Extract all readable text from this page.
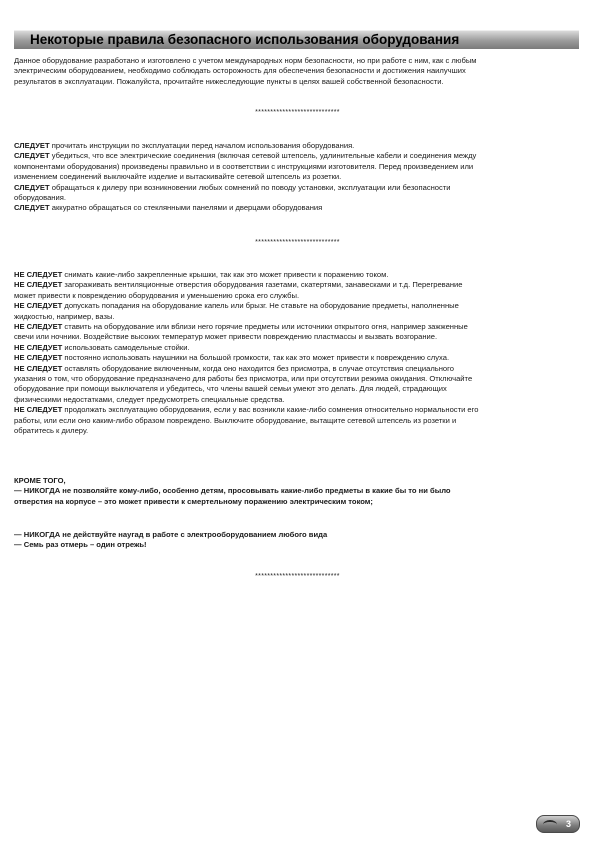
Некоторые правила безопасного использования оборудования

Данное оборудование разработано и изготовлено с учетом международных норм безопасности, но при работе с ним, как с любым

электрическим оборудованием, необходимо соблюдать осторожность для обеспечения безопасности и достижения наилучших

результатов в эксплуатации. Пожалуйста, прочитайте нижеследующие пункты в целях вашей собственной безопасности.

****************************

СЛЕДУЕТ прочитать инструкции по эксплуатации перед началом использования оборудования.

СЛЕДУЕТ убедиться, что все электрические соединения (включая сетевой штепсель, удлинительные кабели и соединения между

компонентами оборудования) произведены правильно и в соответствии с инструкциями изготовителя. Перед произведением или

изменением соединений выключайте изделие и вытаскивайте сетевой штепсель из розетки.

СЛЕДУЕТ обращаться к дилеру при возникновении любых сомнений по поводу установки, эксплуатации или безопасности

оборудования.

СЛЕДУЕТ аккуратно обращаться со стеклянными панелями и дверцами оборудования

****************************

НЕ СЛЕДУЕТ снимать какие-либо закрепленные крышки, так как это может привести к поражению током.

НЕ СЛЕДУЕТ загораживать вентиляционные отверстия оборудования газетами, скатертями, занавесками и т.д. Перегревание

может привести к повреждению оборудования и уменьшению срока его службы.

НЕ СЛЕДУЕТ допускать попадания на оборудование капель или брызг. Не ставьте на оборудование предметы, наполненные

жидкостью, например, вазы.

НЕ СЛЕДУЕТ ставить на оборудование или вблизи него горячие предметы или источники открытого огня, например зажженные

свечи или ночники. Воздействие высоких температур может привести повреждению пластмассы и вызвать возгорание.

НЕ СЛЕДУЕТ использовать самодельные стойки.

НЕ СЛЕДУЕТ постоянно использовать наушники на большой громкости, так как это может привести к повреждению слуха.

НЕ СЛЕДУЕТ оставлять оборудование включенным, когда оно находится без присмотра, в случае отсутствия специального

указания о том, что оборудование предназначено для работы без присмотра, или при отсутствии режима ожидания. Отключайте

оборудование при помощи выключателя и убедитесь, что члены вашей семьи умеют это делать. Для людей, страдающих

физическими недостатками, следует предусмотреть специальные средства.

НЕ СЛЕДУЕТ продолжать эксплуатацию оборудования, если у вас возникли какие-либо сомнения относительно нормальности его

работы, или если оно каким-либо образом повреждено. Выключите оборудование, вытащите сетевой штепсель из розетки и

обратитесь к дилеру.

КРОМЕ ТОГО,

— НИКОГДА не позволяйте кому-либо, особенно детям, просовывать какие-либо предметы в какие бы то ни было

отверстия на корпусе – это может привести к смертельному поражению электрическим током;

— НИКОГДА не действуйте наугад в работе с электрооборудованием любого вида

— Семь раз отмерь – один отрежь!

****************************
3
